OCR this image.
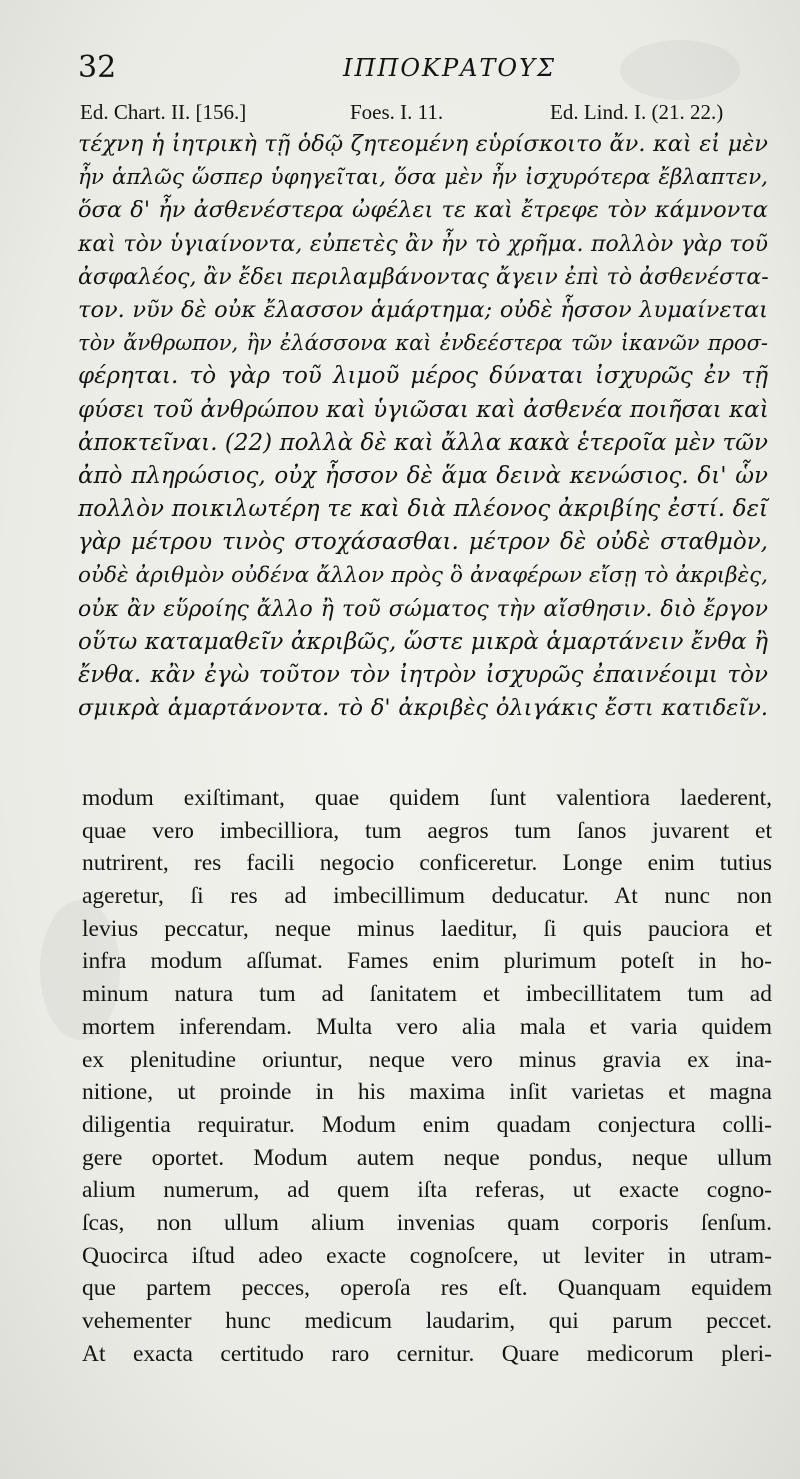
32	ΙΠΠΟΚΡΑΤΟΥΣ
Ed. Chart. II. [156.]	Foes. I. 11.	Ed. Lind. I. (21. 22.)
τέχνη ἡ ἰητρικὴ τῇ ὁδῷ ζητεομένη εὑρίσκοιτο ἄν. καὶ εἰ μὲν
ἦν ἁπλῶς ὥσπερ ὑφηγεῖται, ὅσα μὲν ἦν ἰσχυρότερα ἔβλαπτεν,
ὅσα δ' ἦν ἀσθενέστερα ὠφέλει τε καὶ ἔτρεφε τὸν κάμνοντα
καὶ τὸν ὑγιαίνοντα, εὐπετὲς ἂν ἦν τὸ χρῆμα. πολλὸν γὰρ τοῦ
ἀσφαλέος, ἂν ἔδει περιλαμβάνοντας ἄγειν ἐπὶ τὸ ἀσθενέστα-
τον. νῦν δὲ οὐκ ἔλασσον ἁμάρτημα; οὐδὲ ἧσσον λυμαίνεται
τὸν ἄνθρωπον, ἢν ἐλάσσονα καὶ ἐνδεέστερα τῶν ἱκανῶν προσ-
φέρηται. τὸ γὰρ τοῦ λιμοῦ μέρος δύναται ἰσχυρῶς ἐν τῇ
φύσει τοῦ ἀνθρώπου καὶ ὑγιῶσαι καὶ ἀσθενέα ποιῆσαι καὶ
ἀποκτεῖναι. (22) πολλὰ δὲ καὶ ἄλλα κακὰ ἑτεροῖα μὲν τῶν
ἀπὸ πληρώσιος, οὐχ ἧσσον δὲ ἅμα δεινὰ κενώσιος. δι' ὧν
πολλὸν ποικιλωτέρη τε καὶ διὰ πλέονος ἀκριβίης ἐστί. δεῖ
γὰρ μέτρου τινὸς στοχάσασθαι. μέτρον δὲ οὐδὲ σταθμὸν,
οὐδὲ ἀριθμὸν οὐδένα ἄλλον πρὸς ὃ ἀναφέρων εἴσῃ τὸ ἀκριβὲς,
οὐκ ἂν εὕροίης ἄλλο ἢ τοῦ σώματος τὴν αἴσθησιν. διὸ ἔργον
οὕτω καταμαθεῖν ἀκριβῶς, ὥστε μικρὰ ἁμαρτάνειν ἔνθα ἢ
ἔνθα. κἂν ἐγὼ τοῦτον τὸν ἰητρὸν ἰσχυρῶς ἐπαινέοιμι τὸν
σμικρὰ ἁμαρτάνοντα. τὸ δ' ἀκριβὲς ὀλιγάκις ἔστι κατιδεῖν.
modum exiſtimant, quae quidem ſunt valentiora laederent,
quae vero imbecilliora, tum aegros tum ſanos juvarent et
nutrirent, res facili negocio conficeretur. Longe enim tutius
ageretur, ſi res ad imbecillimum deducatur. At nunc non
levius peccatur, neque minus laeditur, ſi quis pauciora et
infra modum aſſumat. Fames enim plurimum poteſt in ho-
minum natura tum ad ſanitatem et imbecillitatem tum ad
mortem inferendam. Multa vero alia mala et varia quidem
ex plenitudine oriuntur, neque vero minus gravia ex ina-
nitione, ut proinde in his maxima inſit varietas et magna
diligentia requiratur. Modum enim quadam conjectura colli-
gere oportet. Modum autem neque pondus, neque ullum
alium numerum, ad quem iſta referas, ut exacte cogno-
ſcas, non ullum alium invenias quam corporis ſenſum.
Quocirca iſtud adeo exacte cognoſcere, ut leviter in utram-
que partem pecces, operoſa res eſt. Quanquam equidem
vehementer hunc medicum laudarim, qui parum peccet.
At exacta certitudo raro cernitur. Quare medicorum pleri-
